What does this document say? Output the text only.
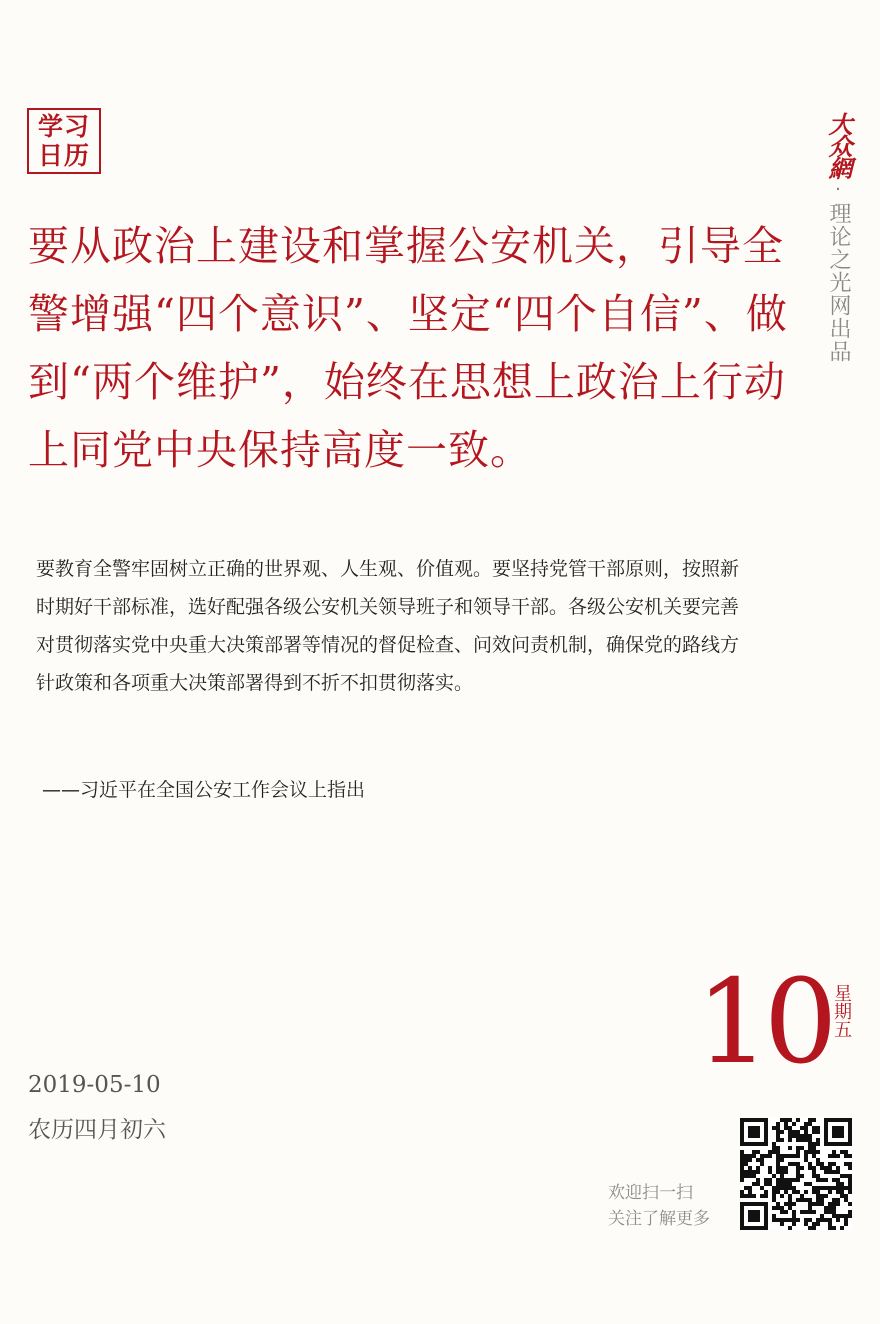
学习
日历	大众網
·
理论之光网出品

要从政治上建设和掌握公安机关，引导全警增强“四个意识”、坚定“四个自信”、做到“两个维护”，始终在思想上政治上行动上同党中央保持高度一致。

要教育全警牢固树立正确的世界观、人生观、价值观。要坚持党管干部原则，按照新时期好干部标准，选好配强各级公安机关领导班子和领导干部。各级公安机关要完善对贯彻落实党中央重大决策部署等情况的督促检查、问效问责机制，确保党的路线方针政策和各项重大决策部署得到不折不扣贯彻落实。

——习近平在全国公安工作会议上指出
10 星期五
2019-05-10
农历四月初六
欢迎扫一扫
关注了解更多
